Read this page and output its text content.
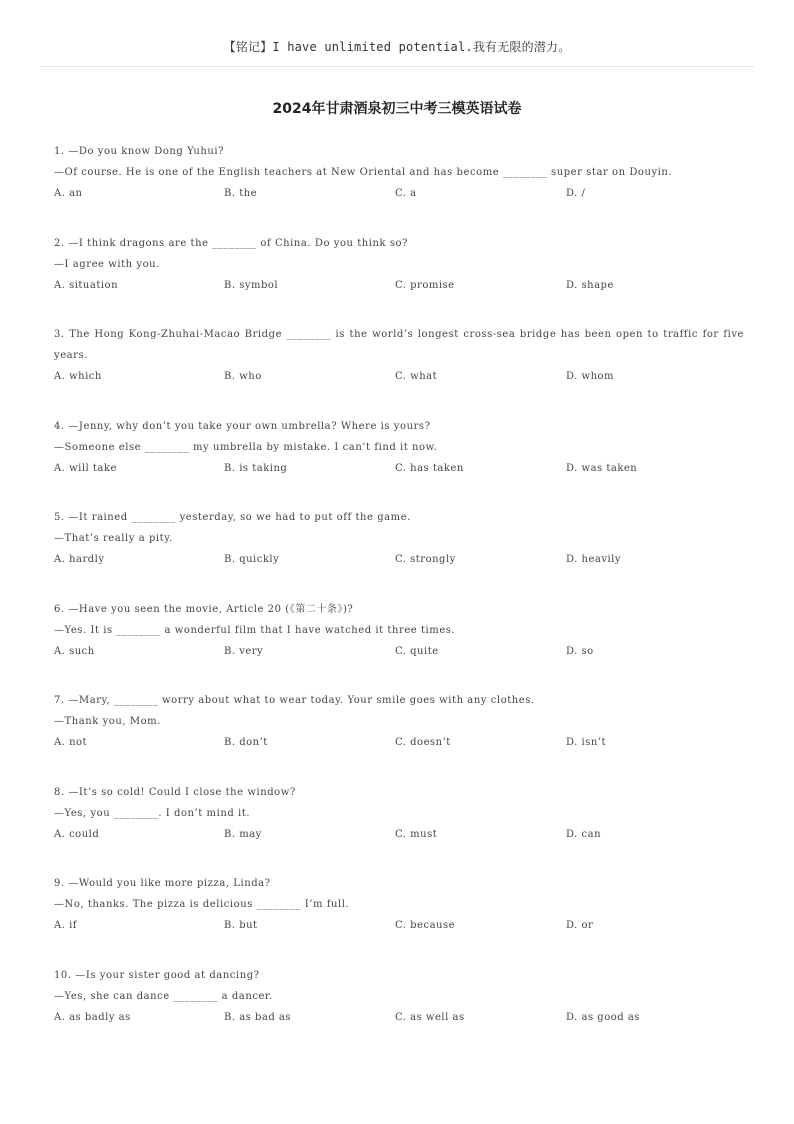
【铭记】I have unlimited potential.我有无限的潜力。
2024年甘肃酒泉初三中考三模英语试卷

1. —Do you know Dong Yuhui?

—Of course. He is one of the English teachers at New Oriental and has become ________ super star on Douyin.

A. an	B. the	C. a	D. /

2. —I think dragons are the ________ of China. Do you think so?

—I agree with you.

A. situation	B. symbol	C. promise	D. shape

3. The Hong Kong-Zhuhai-Macao Bridge ________ is the world’s longest cross-sea bridge has been open to traffic for five years.

A. which	B. who	C. what	D. whom

4. —Jenny, why don’t you take your own umbrella? Where is yours?

—Someone else ________ my umbrella by mistake. I can’t find it now.

A. will take	B. is taking	C. has taken	D. was taken

5. —It rained ________ yesterday, so we had to put off the game.

—That’s really a pity.

A. hardly	B. quickly	C. strongly	D. heavily

6. —Have you seen the movie, Article 20 (《第二十条》)?

—Yes. It is ________ a wonderful film that I have watched it three times.

A. such	B. very	C. quite	D. so

7. —Mary, ________ worry about what to wear today. Your smile goes with any clothes.

—Thank you, Mom.

A. not	B. don’t	C. doesn’t	D. isn’t

8. —It’s so cold! Could I close the window?

—Yes, you ________. I don’t mind it.

A. could	B. may	C. must	D. can

9. —Would you like more pizza, Linda?

—No, thanks. The pizza is delicious ________ I’m full.

A. if	B. but	C. because	D. or

10. —Is your sister good at dancing?

—Yes, she can dance ________ a dancer.

A. as badly as	B. as bad as	C. as well as	D. as good as
